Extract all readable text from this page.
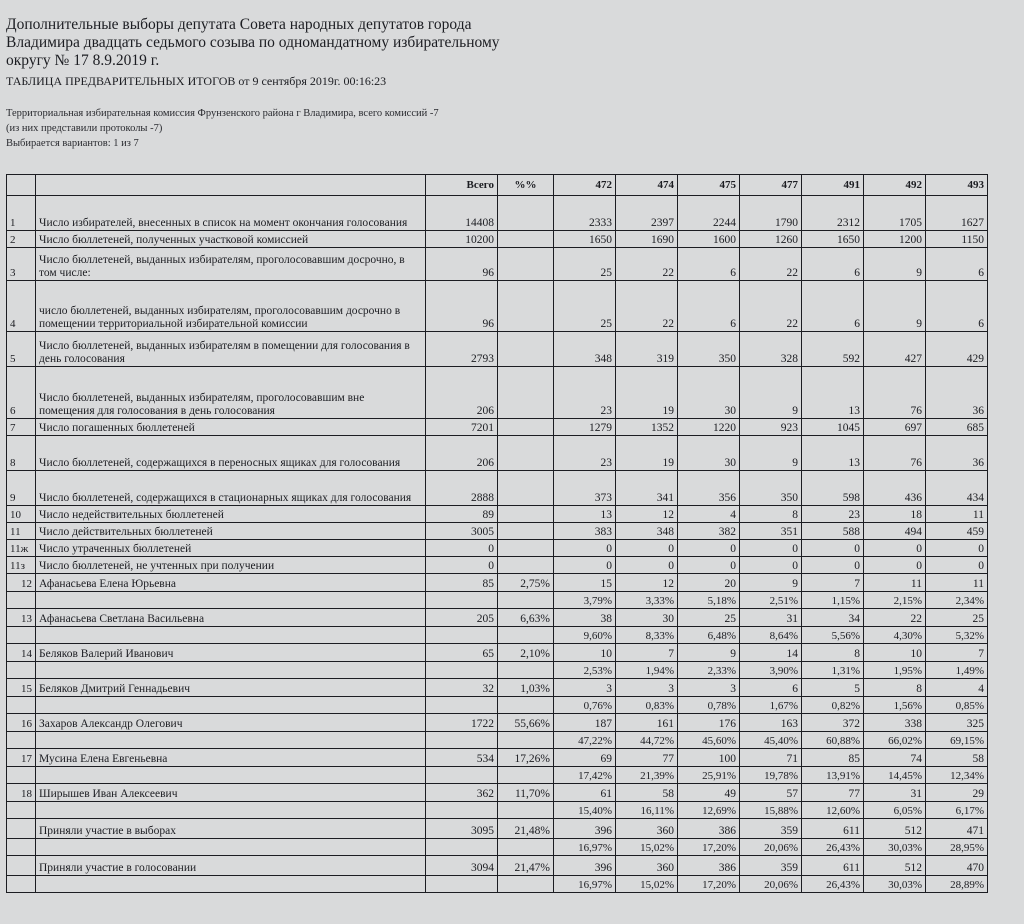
Дополнительные выборы депутата Совета народных депутатов города
Владимира двадцать седьмого созыва по одномандатному избирательному
округу № 17 8.9.2019 г.
ТАБЛИЦА ПРЕДВАРИТЕЛЬНЫХ ИТОГОВ от 9 сентября 2019г. 00:16:23
Территориальная избирательная комиссия Фрунзенского района г Владимира, всего комиссий -7
(из них представили протоколы -7)
Выбирается вариантов: 1 из 7
		Всего	%%	472	474	475	477	491	492	493
1	Число избирателей, внесенных в список на момент окончания голосования	14408		2333	2397	2244	1790	2312	1705	1627
2	Число бюллетеней, полученных участковой комиссией	10200		1650	1690	1600	1260	1650	1200	1150
3	Число бюллетеней, выданных избирателям, проголосовавшим досрочно, в том числе:	96		25	22	6	22	6	9	6
4	число бюллетеней, выданных избирателям, проголосовавшим досрочно в помещении территориальной избирательной комиссии	96		25	22	6	22	6	9	6
5	Число бюллетеней, выданных избирателям в помещении для голосования в день голосования	2793		348	319	350	328	592	427	429
6	Число бюллетеней, выданных избирателям, проголосовавшим вне помещения для голосования в день голосования	206		23	19	30	9	13	76	36
7	Число погашенных бюллетеней	7201		1279	1352	1220	923	1045	697	685
8	Число бюллетеней, содержащихся в переносных ящиках для голосования	206		23	19	30	9	13	76	36
9	Число бюллетеней, содержащихся в стационарных ящиках для голосования	2888		373	341	356	350	598	436	434
10	Число недействительных бюллетеней	89		13	12	4	8	23	18	11
11	Число действительных бюллетеней	3005		383	348	382	351	588	494	459
11ж	Число утраченных бюллетеней	0		0	0	0	0	0	0	0
11з	Число бюллетеней, не учтенных при получении	0		0	0	0	0	0	0	0
12	Афанасьева Елена Юрьевна	85	2,75%	15	12	20	9	7	11	11
				3,79%	3,33%	5,18%	2,51%	1,15%	2,15%	2,34%
13	Афанасьева Светлана Васильевна	205	6,63%	38	30	25	31	34	22	25
				9,60%	8,33%	6,48%	8,64%	5,56%	4,30%	5,32%
14	Беляков Валерий Иванович	65	2,10%	10	7	9	14	8	10	7
				2,53%	1,94%	2,33%	3,90%	1,31%	1,95%	1,49%
15	Беляков Дмитрий Геннадьевич	32	1,03%	3	3	3	6	5	8	4
				0,76%	0,83%	0,78%	1,67%	0,82%	1,56%	0,85%
16	Захаров Александр Олегович	1722	55,66%	187	161	176	163	372	338	325
				47,22%	44,72%	45,60%	45,40%	60,88%	66,02%	69,15%
17	Мусина Елена Евгеньевна	534	17,26%	69	77	100	71	85	74	58
				17,42%	21,39%	25,91%	19,78%	13,91%	14,45%	12,34%
18	Ширышев Иван Алексеевич	362	11,70%	61	58	49	57	77	31	29
				15,40%	16,11%	12,69%	15,88%	12,60%	6,05%	6,17%
	Приняли участие в выборах	3095	21,48%	396	360	386	359	611	512	471
				16,97%	15,02%	17,20%	20,06%	26,43%	30,03%	28,95%
	Приняли участие в голосовании	3094	21,47%	396	360	386	359	611	512	470
				16,97%	15,02%	17,20%	20,06%	26,43%	30,03%	28,89%
